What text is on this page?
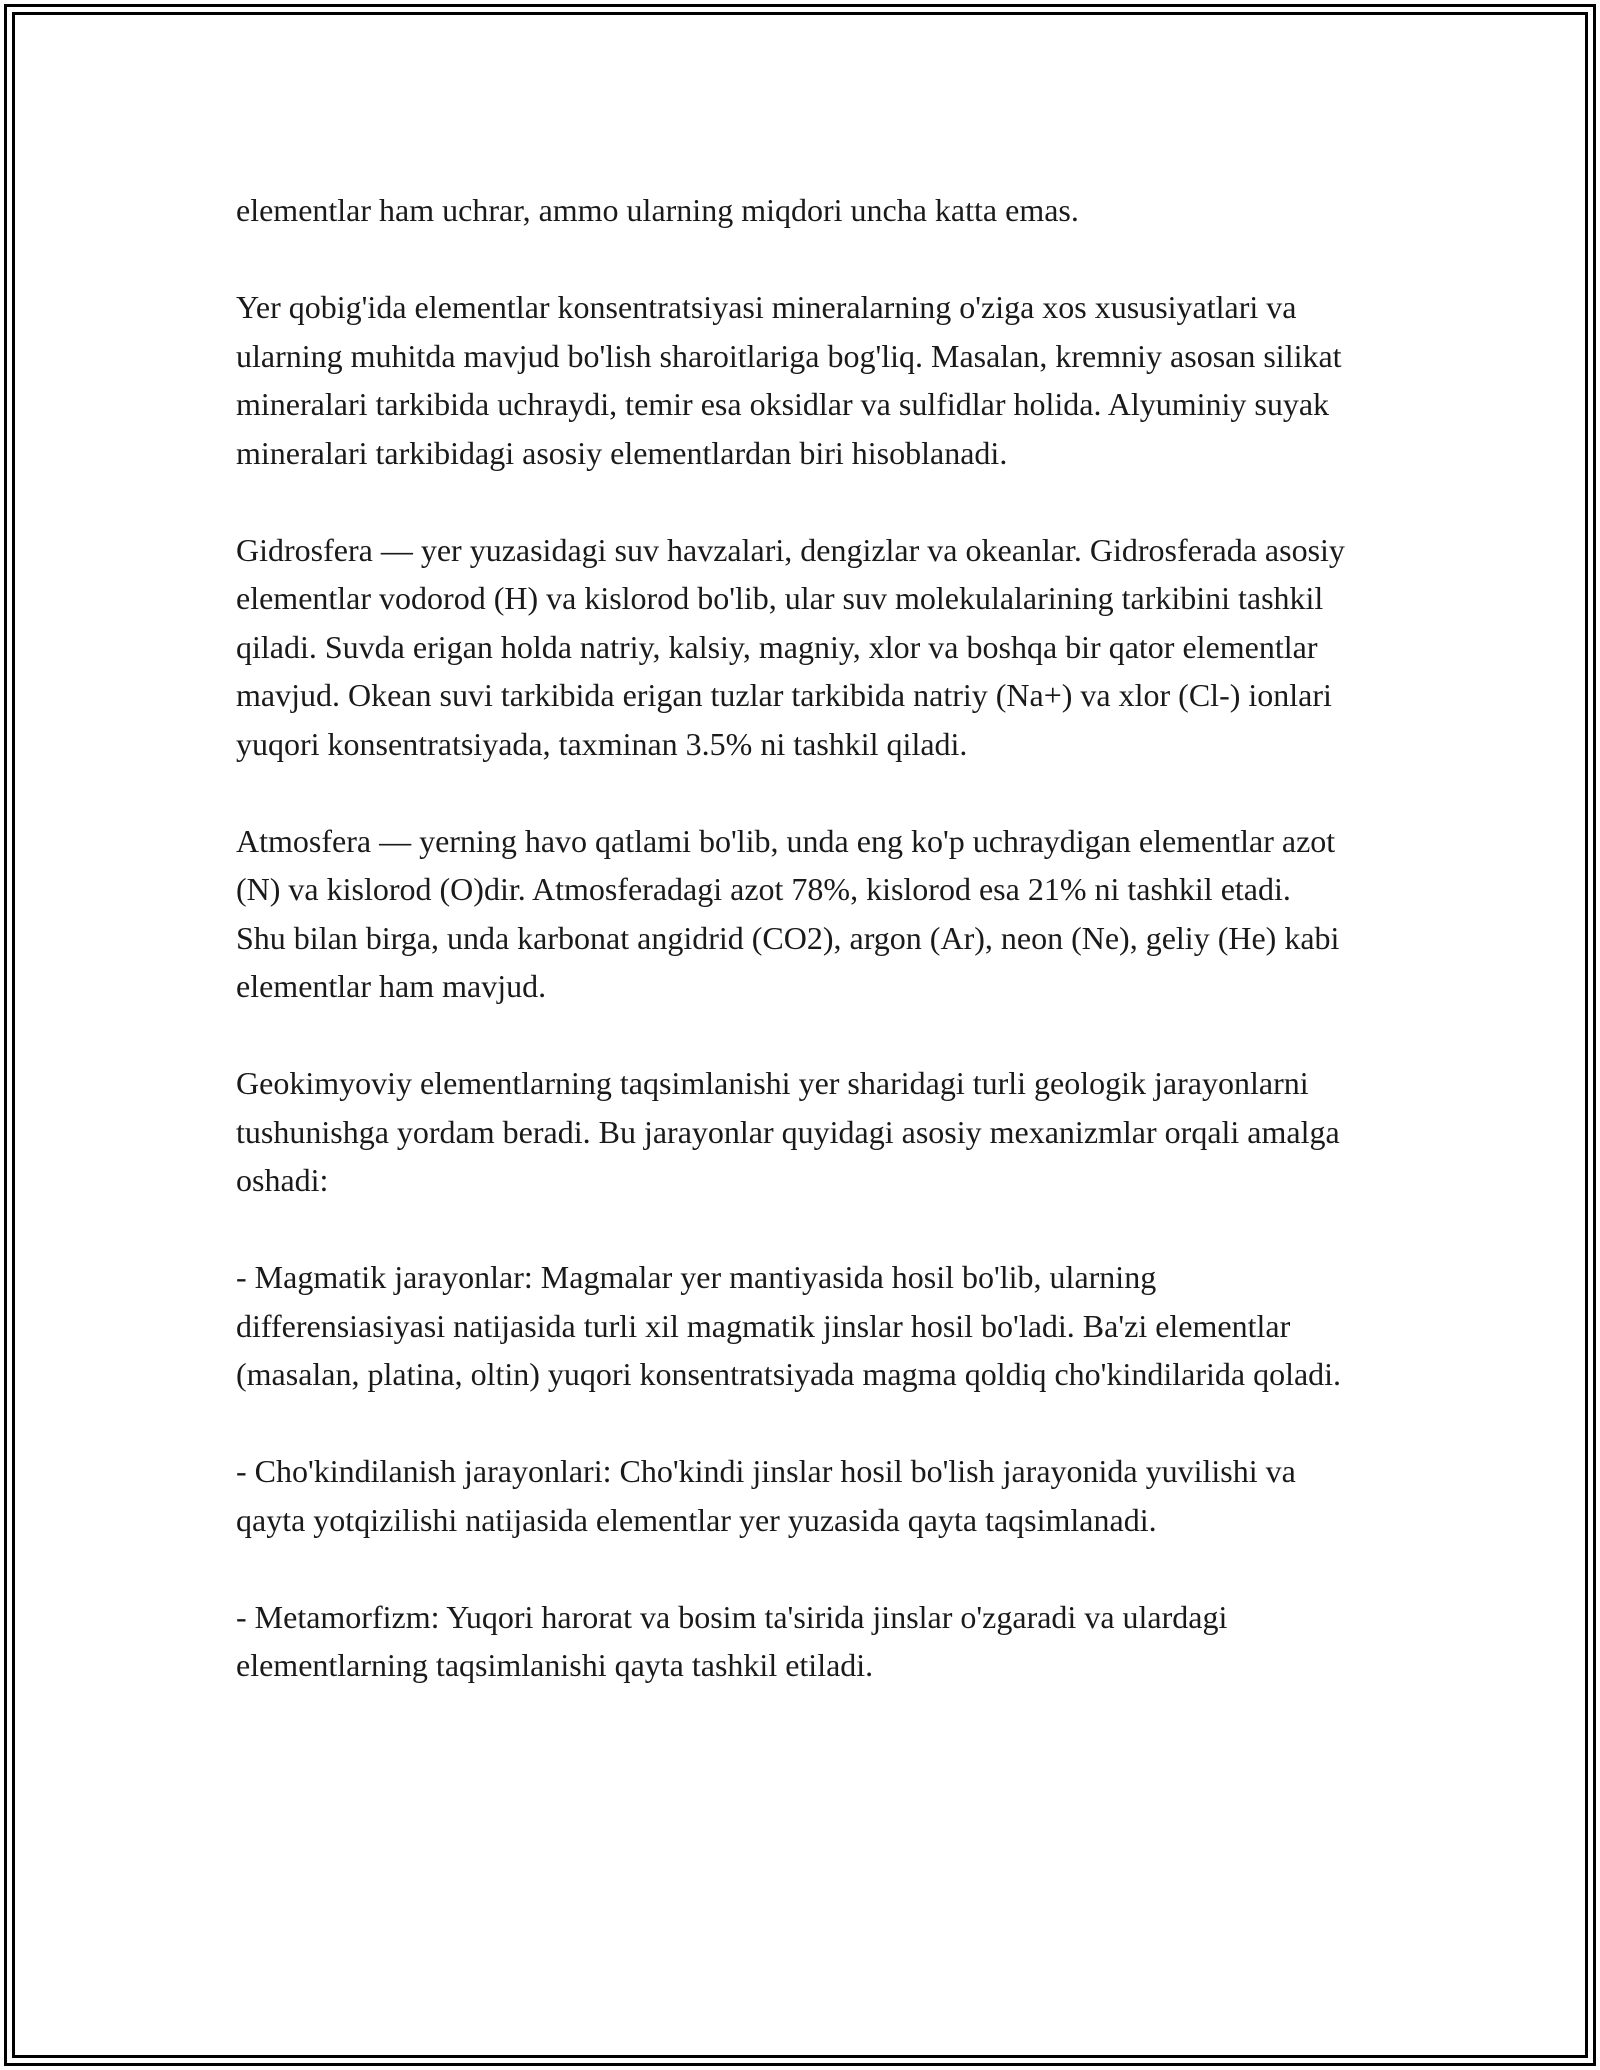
elementlar ham uchrar, ammo ularning miqdori uncha katta emas.

Yer qobig'ida elementlar konsentratsiyasi mineralarning o'ziga xos xususiyatlari va ularning muhitda mavjud bo'lish sharoitlariga bog'liq. Masalan, kremniy asosan silikat mineralari tarkibida uchraydi, temir esa oksidlar va sulfidlar holida. Alyuminiy suyak mineralari tarkibidagi asosiy elementlardan biri hisoblanadi.

Gidrosfera — yer yuzasidagi suv havzalari, dengizlar va okeanlar. Gidrosferada asosiy elementlar vodorod (H) va kislorod bo'lib, ular suv molekulalarining tarkibini tashkil qiladi. Suvda erigan holda natriy, kalsiy, magniy, xlor va boshqa bir qator elementlar mavjud. Okean suvi tarkibida erigan tuzlar tarkibida natriy (Na+) va xlor (Cl-) ionlari yuqori konsentratsiyada, taxminan 3.5% ni tashkil qiladi.

Atmosfera — yerning havo qatlami bo'lib, unda eng ko'p uchraydigan elementlar azot (N) va kislorod (O)dir. Atmosferadagi azot 78%, kislorod esa 21% ni tashkil etadi. Shu bilan birga, unda karbonat angidrid (CO2), argon (Ar), neon (Ne), geliy (He) kabi elementlar ham mavjud.

Geokimyoviy elementlarning taqsimlanishi yer sharidagi turli geologik jarayonlarni tushunishga yordam beradi. Bu jarayonlar quyidagi asosiy mexanizmlar orqali amalga oshadi:

- Magmatik jarayonlar: Magmalar yer mantiyasida hosil bo'lib, ularning differensiasiyasi natijasida turli xil magmatik jinslar hosil bo'ladi. Ba'zi elementlar (masalan, platina, oltin) yuqori konsentratsiyada magma qoldiq cho'kindilarida qoladi.

- Cho'kindilanish jarayonlari: Cho'kindi jinslar hosil bo'lish jarayonida yuvilishi va qayta yotqizilishi natijasida elementlar yer yuzasida qayta taqsimlanadi.

- Metamorfizm: Yuqori harorat va bosim ta'sirida jinslar o'zgaradi va ulardagi elementlarning taqsimlanishi qayta tashkil etiladi.
